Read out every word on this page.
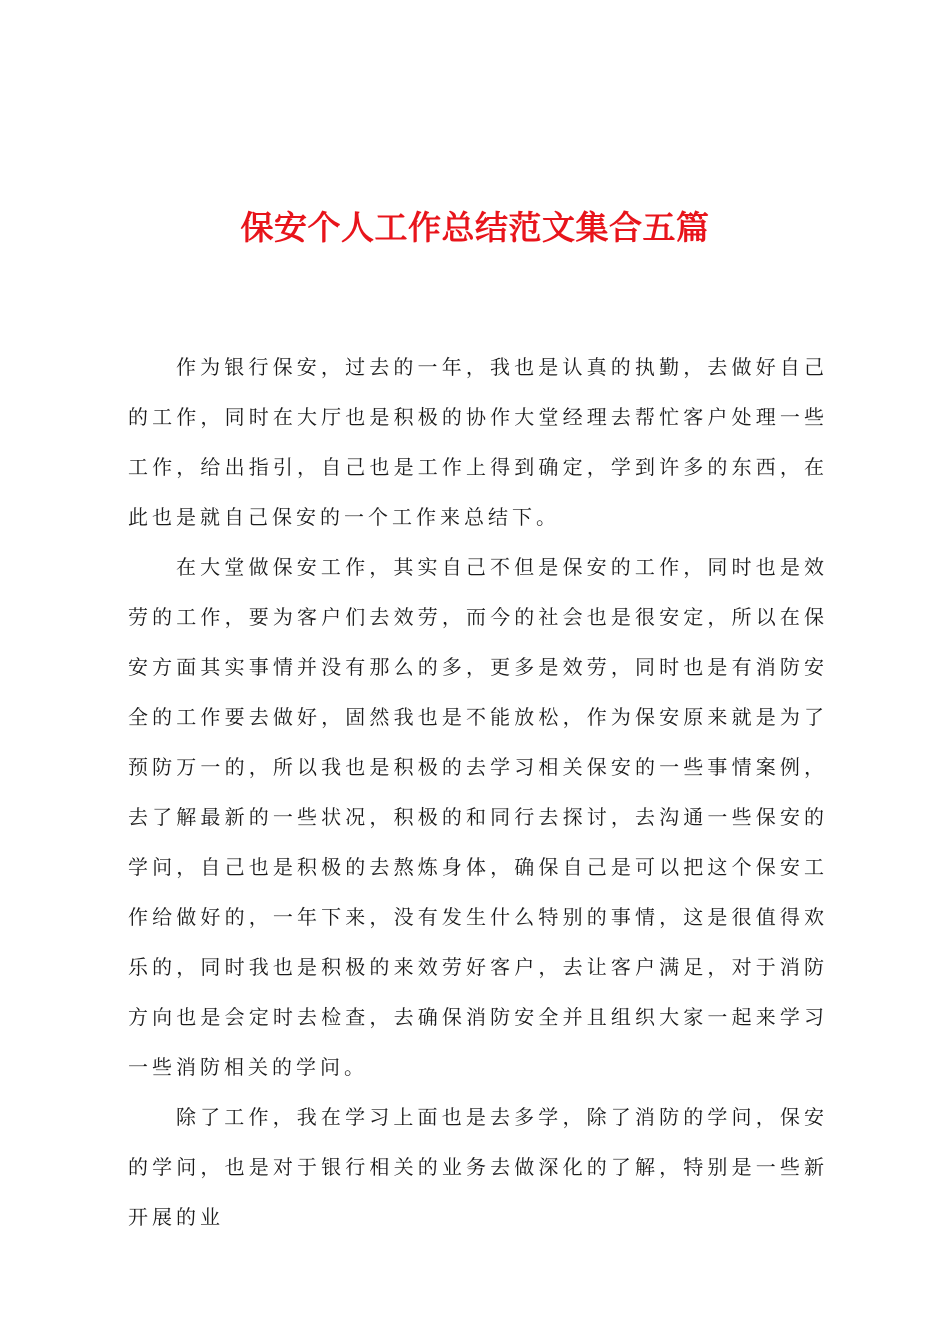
保安个人工作总结范文集合五篇

作为银行保安，过去的一年，我也是认真的执勤，去做好自己的工作，同时在大厅也是积极的协作大堂经理去帮忙客户处理一些工作，给出指引，自己也是工作上得到确定，学到许多的东西，在此也是就自己保安的一个工作来总结下。

在大堂做保安工作，其实自己不但是保安的工作，同时也是效劳的工作，要为客户们去效劳，而今的社会也是很安定，所以在保安方面其实事情并没有那么的多，更多是效劳，同时也是有消防安全的工作要去做好，固然我也是不能放松，作为保安原来就是为了预防万一的，所以我也是积极的去学习相关保安的一些事情案例，去了解最新的一些状况，积极的和同行去探讨，去沟通一些保安的学问，自己也是积极的去熬炼身体，确保自己是可以把这个保安工作给做好的，一年下来，没有发生什么特别的事情，这是很值得欢乐的，同时我也是积极的来效劳好客户，去让客户满足，对于消防方向也是会定时去检查，去确保消防安全并且组织大家一起来学习一些消防相关的学问。

除了工作，我在学习上面也是去多学，除了消防的学问，保安的学问，也是对于银行相关的业务去做深化的了解，特别是一些新开展的业
